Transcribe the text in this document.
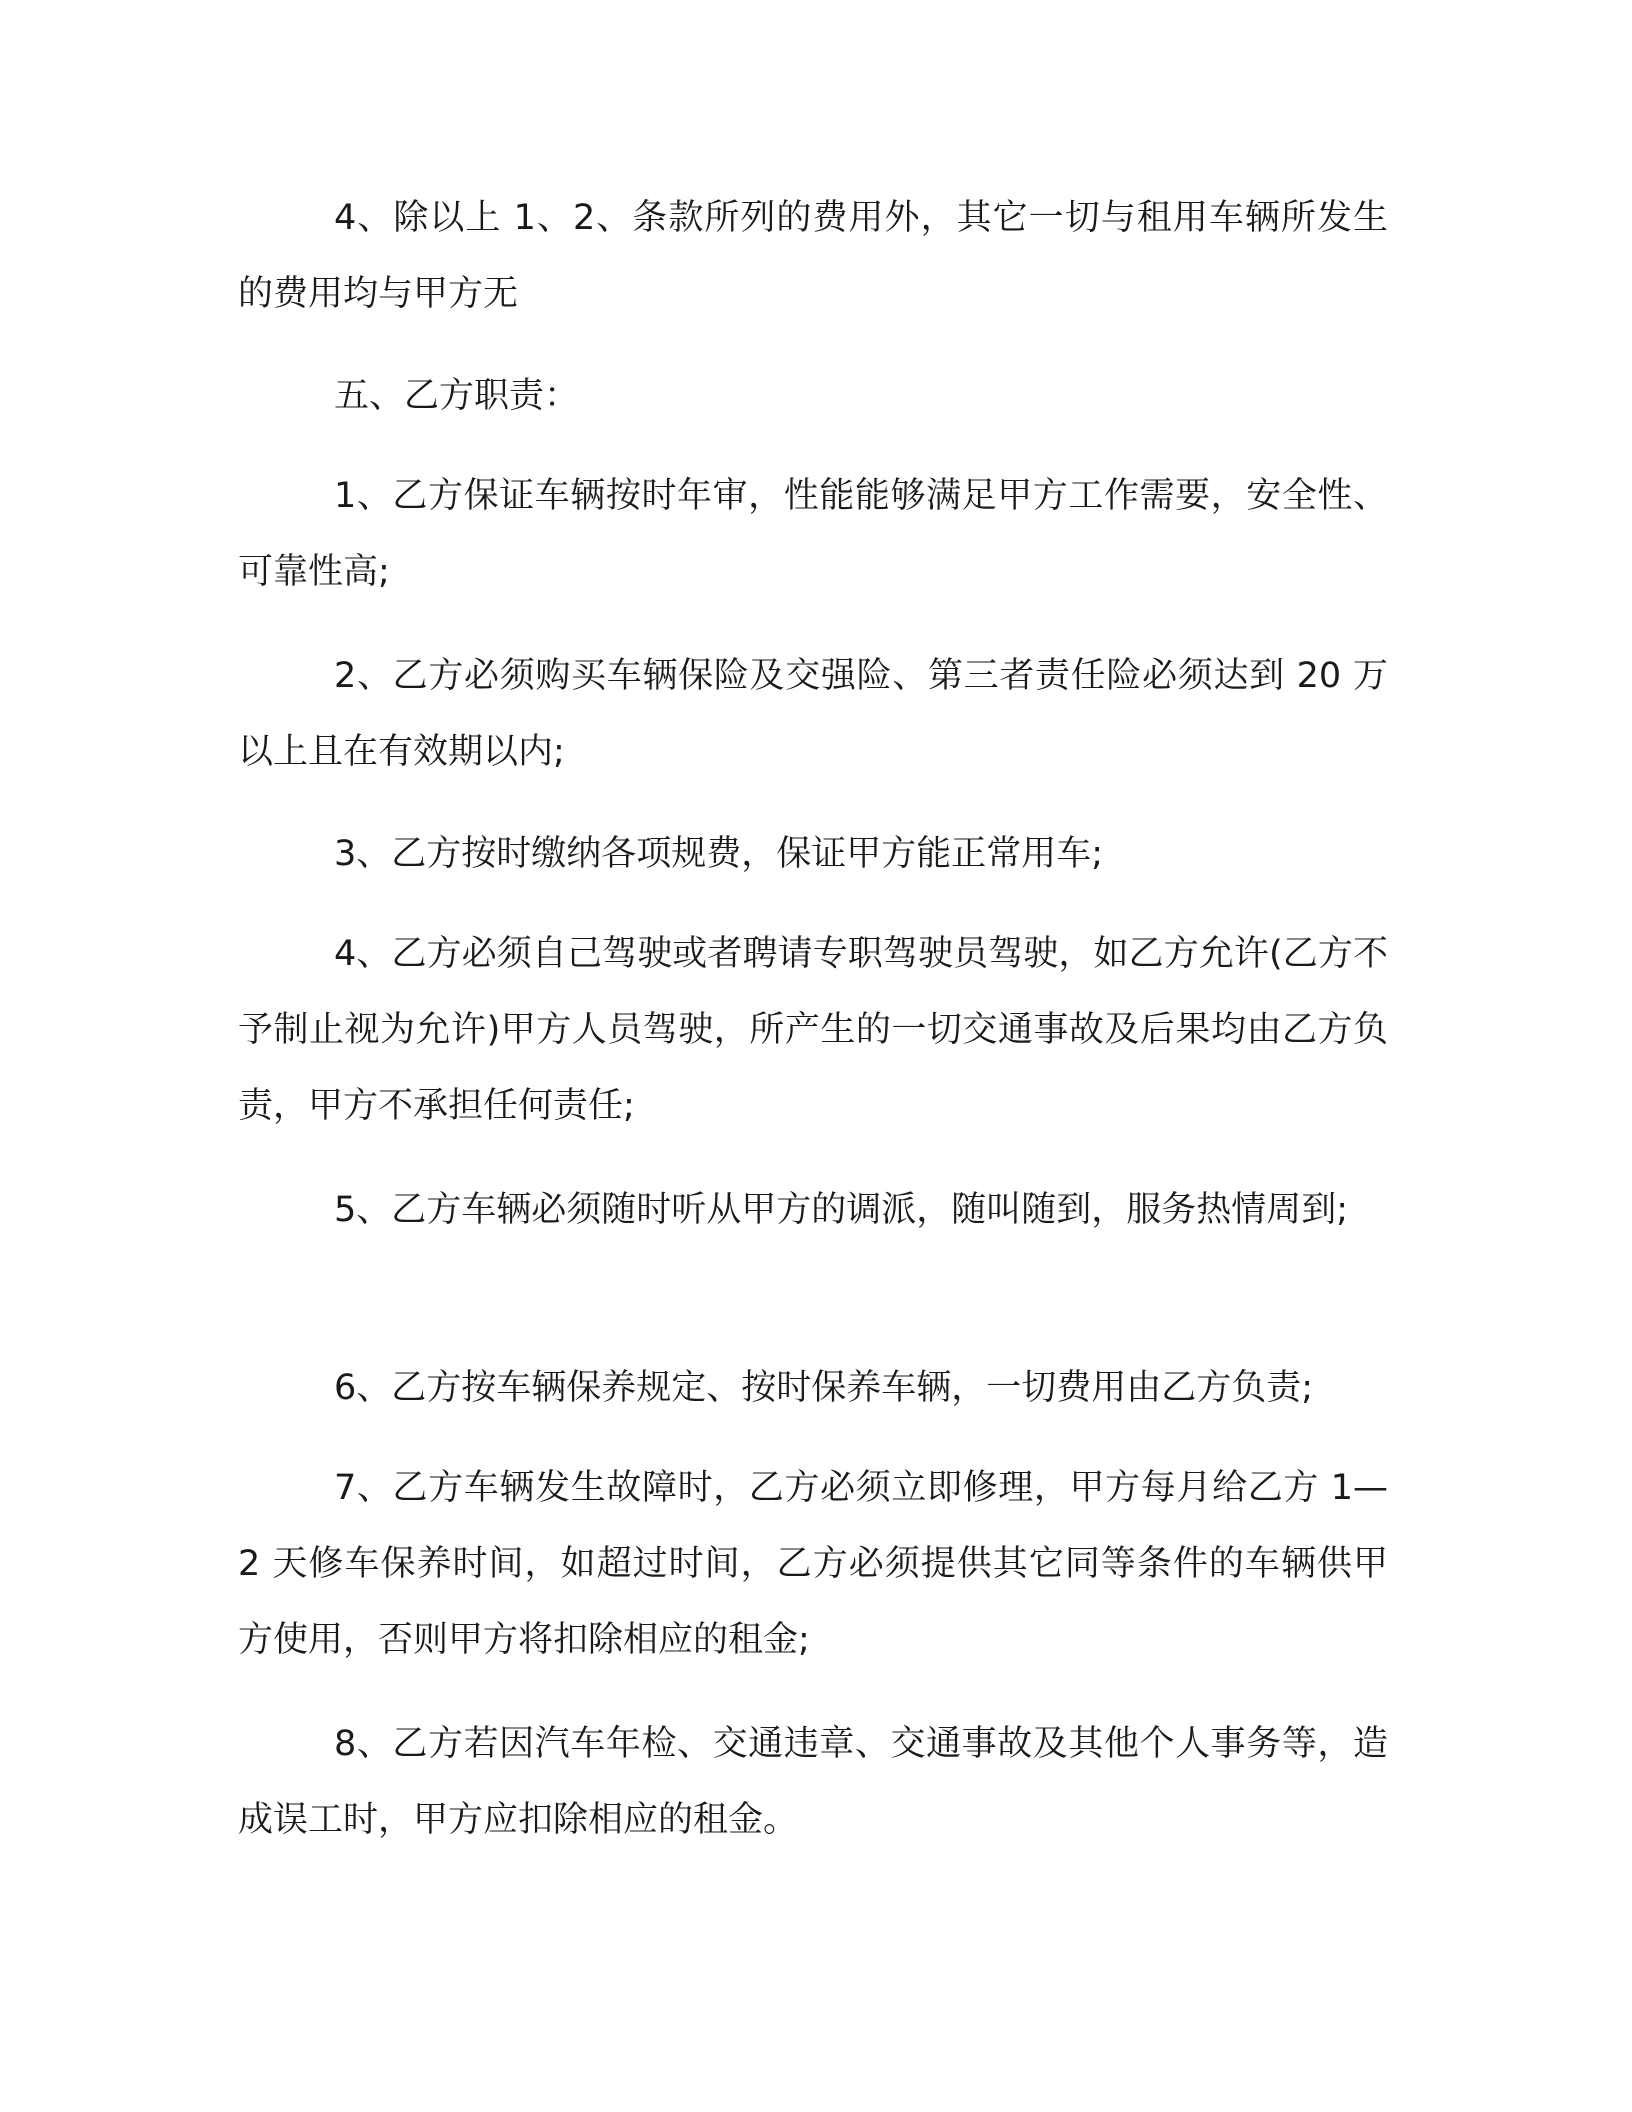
4、除以上 1、2、条款所列的费用外，其它一切与租用车辆所发生的费用均与甲方无

五、乙方职责：

1、乙方保证车辆按时年审，性能能够满足甲方工作需要，安全性、可靠性高;

2、乙方必须购买车辆保险及交强险、第三者责任险必须达到 20 万以上且在有效期以内;

3、乙方按时缴纳各项规费，保证甲方能正常用车;

4、乙方必须自己驾驶或者聘请专职驾驶员驾驶，如乙方允许(乙方不予制止视为允许)甲方人员驾驶，所产生的一切交通事故及后果均由乙方负责，甲方不承担任何责任;

5、乙方车辆必须随时听从甲方的调派，随叫随到，服务热情周到;

6、乙方按车辆保养规定、按时保养车辆，一切费用由乙方负责;

7、乙方车辆发生故障时，乙方必须立即修理，甲方每月给乙方 1—2 天修车保养时间，如超过时间，乙方必须提供其它同等条件的车辆供甲方使用，否则甲方将扣除相应的租金;

8、乙方若因汽车年检、交通违章、交通事故及其他个人事务等，造成误工时，甲方应扣除相应的租金。
